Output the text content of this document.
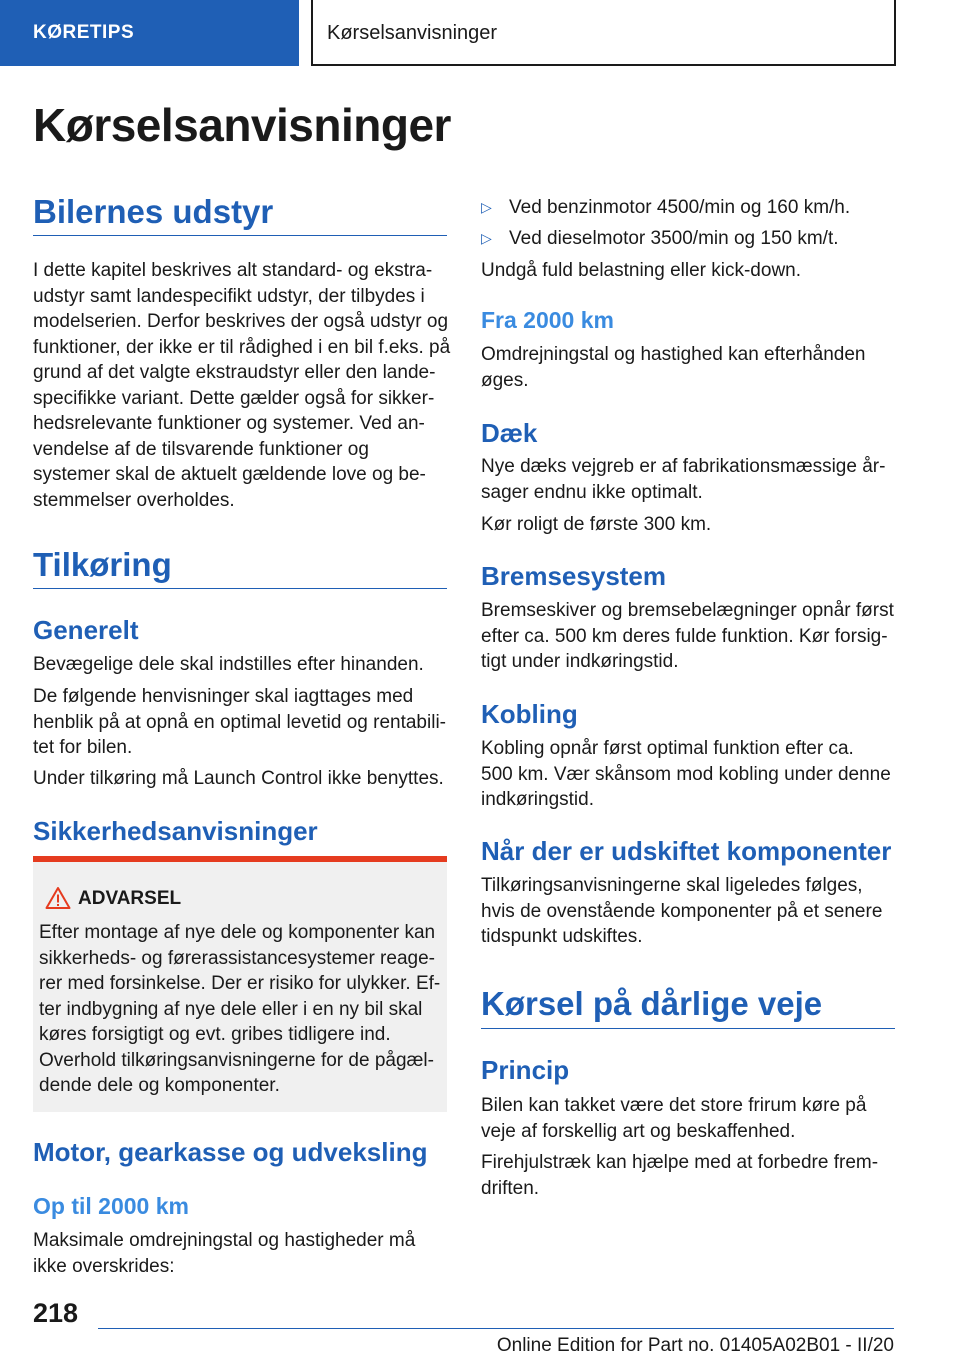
KØRETIPS	Kørselsanvisninger
Kørselsanvisninger
Bilernes udstyr
I dette kapitel beskrives alt standard- og ekstra-
udstyr samt landespecifikt udstyr, der tilbydes i
modelserien. Derfor beskrives der også udstyr og
funktioner, der ikke er til rådighed i en bil f.eks. på
grund af det valgte ekstraudstyr eller den lande-
specifikke variant. Dette gælder også for sikker-
hedsrelevante funktioner og systemer. Ved an-
vendelse af de tilsvarende funktioner og
systemer skal de aktuelt gældende love og be-
stemmelser overholdes.
Tilkøring
Generelt
Bevægelige dele skal indstilles efter hinanden.
De følgende henvisninger skal iagttages med
henblik på at opnå en optimal levetid og rentabili-
tet for bilen.
Under tilkøring må Launch Control ikke benyttes.
Sikkerhedsanvisninger
ADVARSEL
Efter montage af nye dele og komponenter kan
sikkerheds- og førerassistancesystemer reage-
rer med forsinkelse. Der er risiko for ulykker. Ef-
ter indbygning af nye dele eller i en ny bil skal
køres forsigtigt og evt. gribes tidligere ind.
Overhold tilkøringsanvisningerne for de pågæl-
dende dele og komponenter.
Motor, gearkasse og udveksling
Op til 2000 km
Maksimale omdrejningstal og hastigheder må
ikke overskrides:
▷ Ved benzinmotor 4500/min og 160 km/h.
▷ Ved dieselmotor 3500/min og 150 km/t.
Undgå fuld belastning eller kick-down.
Fra 2000 km
Omdrejningstal og hastighed kan efterhånden
øges.
Dæk
Nye dæks vejgreb er af fabrikationsmæssige år-
sager endnu ikke optimalt.
Kør roligt de første 300 km.
Bremsesystem
Bremseskiver og bremsebelægninger opnår først
efter ca. 500 km deres fulde funktion. Kør forsig-
tigt under indkøringstid.
Kobling
Kobling opnår først optimal funktion efter ca.
500 km. Vær skånsom mod kobling under denne
indkøringstid.
Når der er udskiftet komponenter
Tilkøringsanvisningerne skal ligeledes følges,
hvis de ovenstående komponenter på et senere
tidspunkt udskiftes.
Kørsel på dårlige veje
Princip
Bilen kan takket være det store frirum køre på
veje af forskellig art og beskaffenhed.
Firehjulstræk kan hjælpe med at forbedre frem-
driften.
218
Online Edition for Part no. 01405A02B01 - II/20
